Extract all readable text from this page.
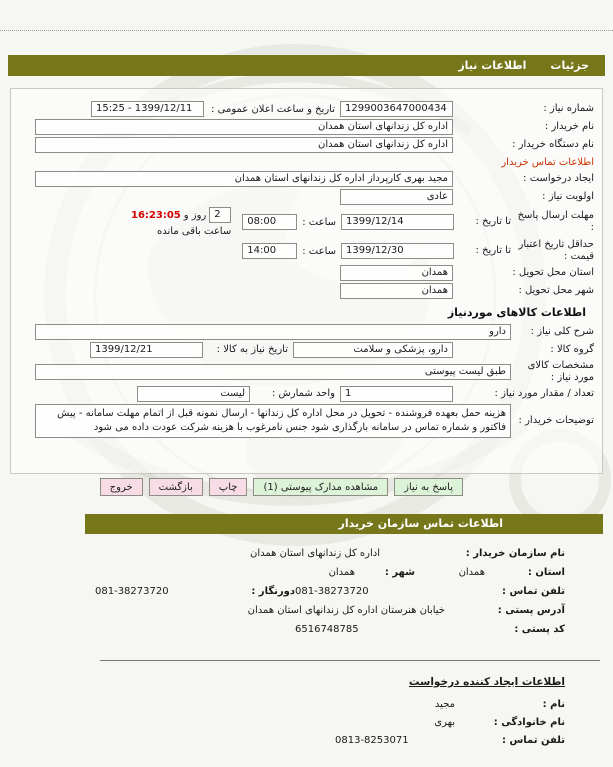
جزئیات
اطلاعات نیاز
شماره نیاز :
1299003647000434
تاریخ و ساعت اعلان عمومی :
15:25 - 1399/12/11
نام خریدار :
اداره کل زندانهای استان همدان
نام دستگاه خریدار :
اداره کل زندانهای استان همدان
اطلاعات تماس خریدار
ایجاد درخواست :
مجید بهری کارپرداز اداره کل زندانهای استان همدان
اولویت نیاز :
عادی
مهلت ارسال پاسخ :
تا تاریخ :
1399/12/14
ساعت :
08:00
2
روز و
16:23:05
ساعت باقی مانده
حداقل تاریخ اعتبار قیمت :
تا تاریخ :
1399/12/30
ساعت :
14:00
استان محل تحویل :
همدان
شهر محل تحویل :
همدان
اطلاعات کالاهای موردنیاز
شرح کلی نیاز :
دارو
گروه کالا :
دارو، پزشکی و سلامت
تاریخ نیاز به کالا :
1399/12/21
مشخصات کالای مورد نیاز :
طبق لیست پیوستی
تعداد / مقدار مورد نیاز :
1
واحد شمارش :
لیست
توضیحات خریدار :
هزینه حمل بعهده فروشنده - تحویل در محل اداره کل زندانها - ارسال نمونه قبل از اتمام مهلت سامانه - پیش فاکتور و شماره تماس در سامانه بارگذاری شود جنس نامرغوب با هزینه شرکت عودت داده می شود
پاسخ به نیاز
مشاهده مدارک پیوستی (1)
چاپ
بازگشت
خروج
اطلاعات تماس سازمان خریدار
نام سازمان خریدار :
اداره کل زندانهای استان همدان
استان :
همدان
شهر :
همدان
تلفن تماس :
081-38273720
دورنگار :
081-38273720
آدرس پستی :
خیابان هنرستان اداره کل زندانهای استان همدان
کد پستی :
6516748785
اطلاعات ایجاد کننده درخواست
نام :
مجید
نام خانوادگی :
بهری
تلفن تماس :
0813-8253071
